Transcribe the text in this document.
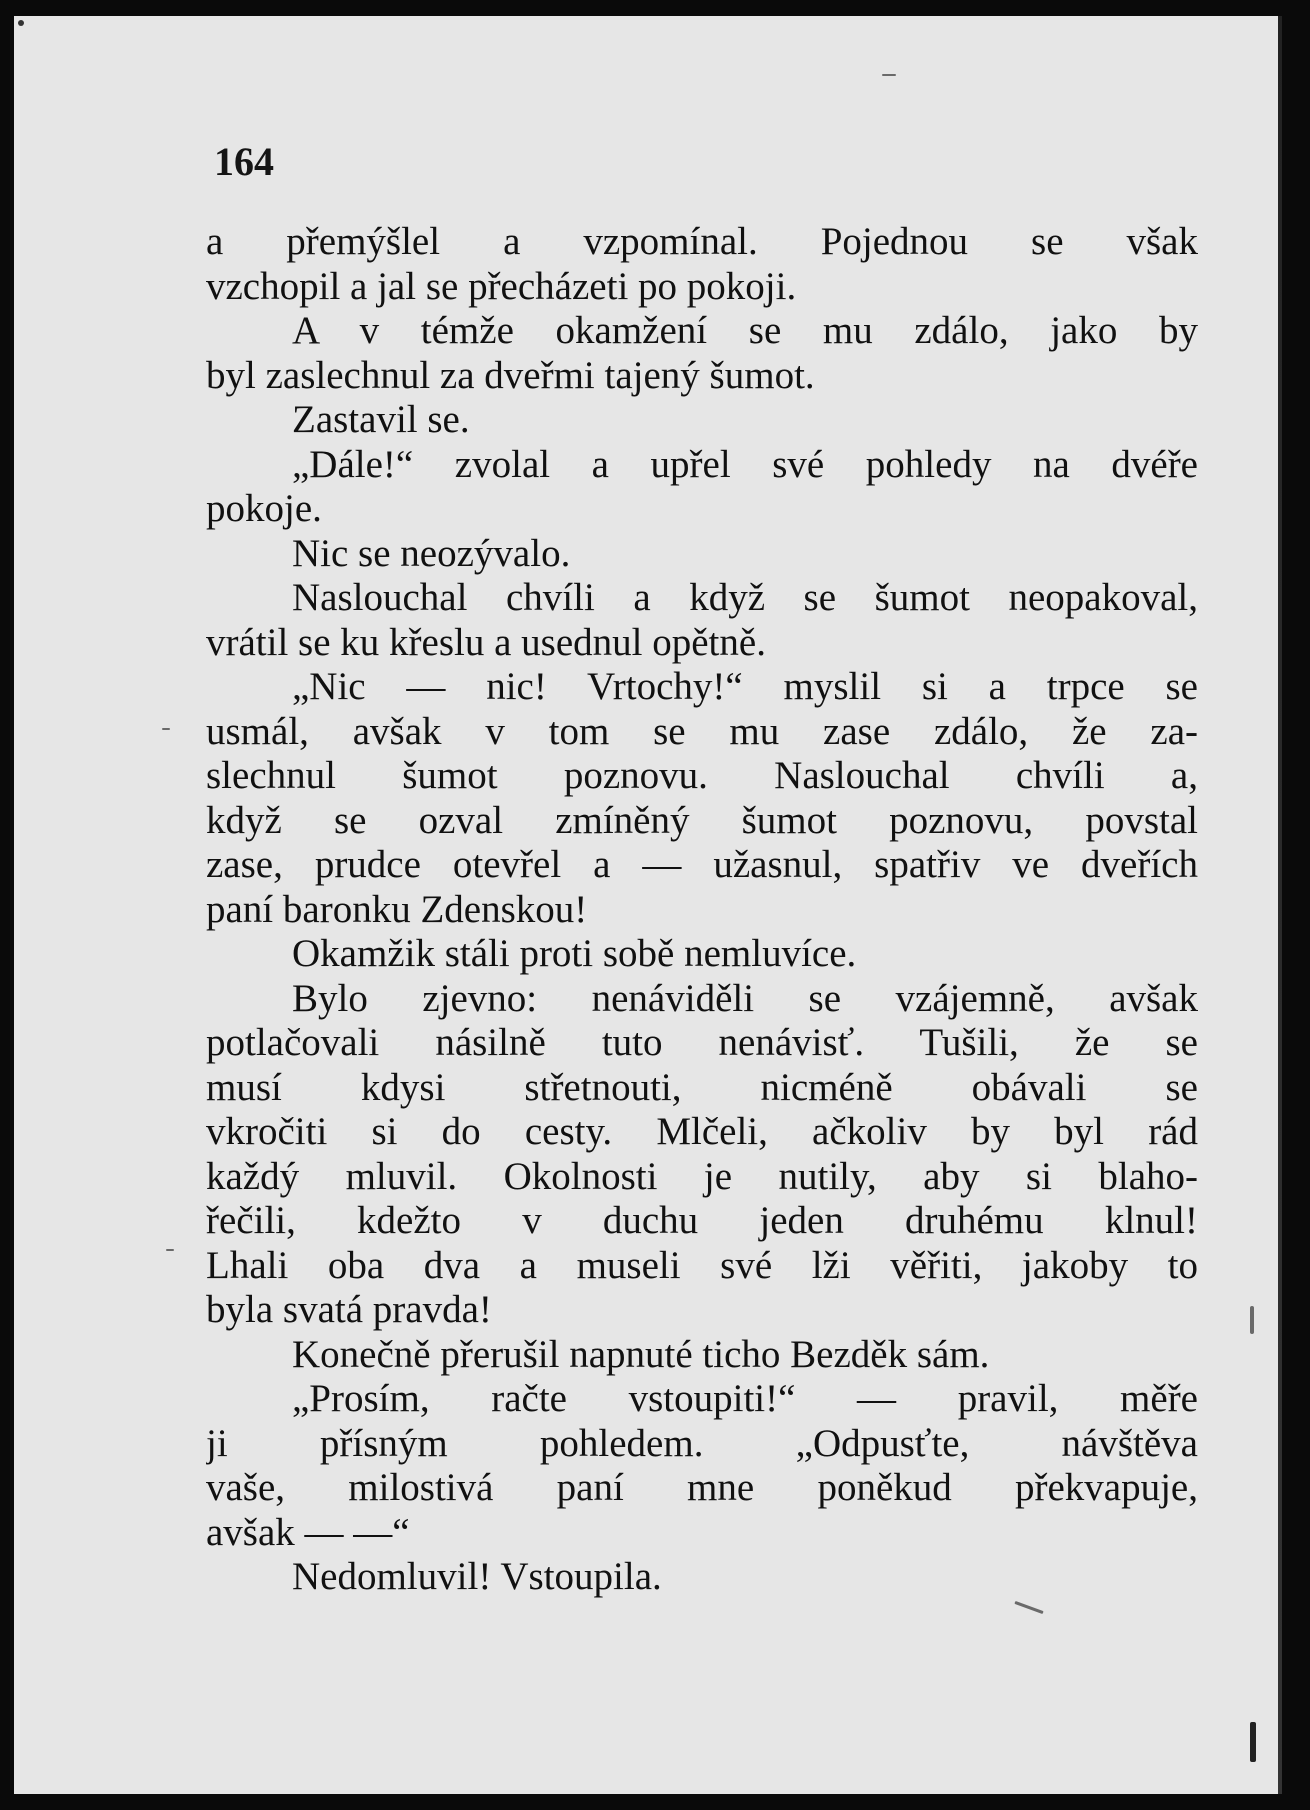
164
a přemýšlel a vzpomínal. Pojednou se však
vzchopil a jal se přecházeti po pokoji.
A v témže okamžení se mu zdálo, jako by
byl zaslechnul za dveřmi tajený šumot.
Zastavil se.
„Dále!“ zvolal a upřel své pohledy na dvéře
pokoje.
Nic se neozývalo.
Naslouchal chvíli a když se šumot neopakoval,
vrátil se ku křeslu a usednul opětně.
„Nic — nic! Vrtochy!“ myslil si a trpce se
usmál, avšak v tom se mu zase zdálo, že za-
slechnul šumot poznovu. Naslouchal chvíli a,
když se ozval zmíněný šumot poznovu, povstal
zase, prudce otevřel a — užasnul, spatřiv ve dveřích
paní baronku Zdenskou!
Okamžik stáli proti sobě nemluvíce.
Bylo zjevno: nenáviděli se vzájemně, avšak
potlačovali násilně tuto nenávisť. Tušili, že se
musí kdysi střetnouti, nicméně obávali se
vkročiti si do cesty. Mlčeli, ačkoliv by byl rád
každý mluvil. Okolnosti je nutily, aby si blaho-
řečili, kdežto v duchu jeden druhému klnul!
Lhali oba dva a museli své lži věřiti, jakoby to
byla svatá pravda!
Konečně přerušil napnuté ticho Bezděk sám.
„Prosím, račte vstoupiti!“ — pravil, měře
ji přísným pohledem. „Odpusťte, návštěva
vaše, milostivá paní mne poněkud překvapuje,
avšak — —“
Nedomluvil! Vstoupila.
